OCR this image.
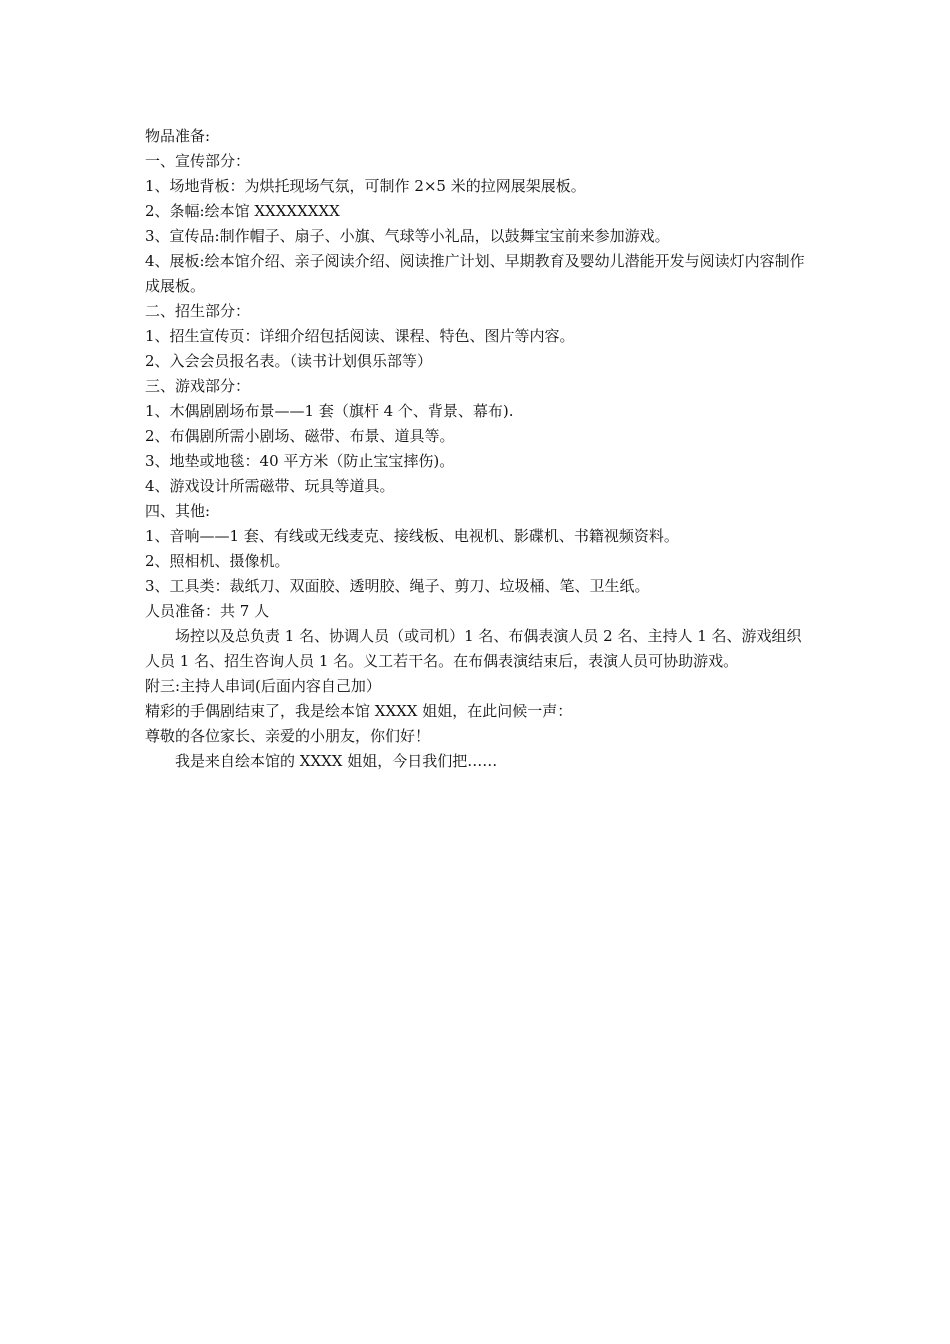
物品准备:

一、宣传部分：

1、场地背板：为烘托现场气氛，可制作 2×5 米的拉网展架展板。

2、条幅:绘本馆 XXXXXXXX

3、宣传品:制作帽子、扇子、小旗、气球等小礼品，以鼓舞宝宝前来参加游戏。

4、展板:绘本馆介绍、亲子阅读介绍、阅读推广计划、早期教育及婴幼儿潜能开发与阅读灯内容制作成展板。

二、招生部分：

1、招生宣传页：详细介绍包括阅读、课程、特色、图片等内容。

2、入会会员报名表。（读书计划俱乐部等）

三、游戏部分：

1、木偶剧剧场布景——1 套（旗杆 4 个、背景、幕布).

2、布偶剧所需小剧场、磁带、布景、道具等。

3、地垫或地毯：40 平方米（防止宝宝摔伤)。

4、游戏设计所需磁带、玩具等道具。

四、其他:

1、音响——1 套、有线或无线麦克、接线板、电视机、影碟机、书籍视频资料。

2、照相机、摄像机。

3、工具类：裁纸刀、双面胶、透明胶、绳子、剪刀、垃圾桶、笔、卫生纸。

人员准备：共 7 人

场控以及总负责 1 名、协调人员（或司机）1 名、布偶表演人员 2 名、主持人 1 名、游戏组织人员 1 名、招生咨询人员 1 名。义工若干名。在布偶表演结束后，表演人员可协助游戏。

附三:主持人串词(后面内容自己加）

精彩的手偶剧结束了，我是绘本馆 XXXX 姐姐，在此问候一声：

尊敬的各位家长、亲爱的小朋友，你们好！

我是来自绘本馆的 XXXX 姐姐，今日我们把……
